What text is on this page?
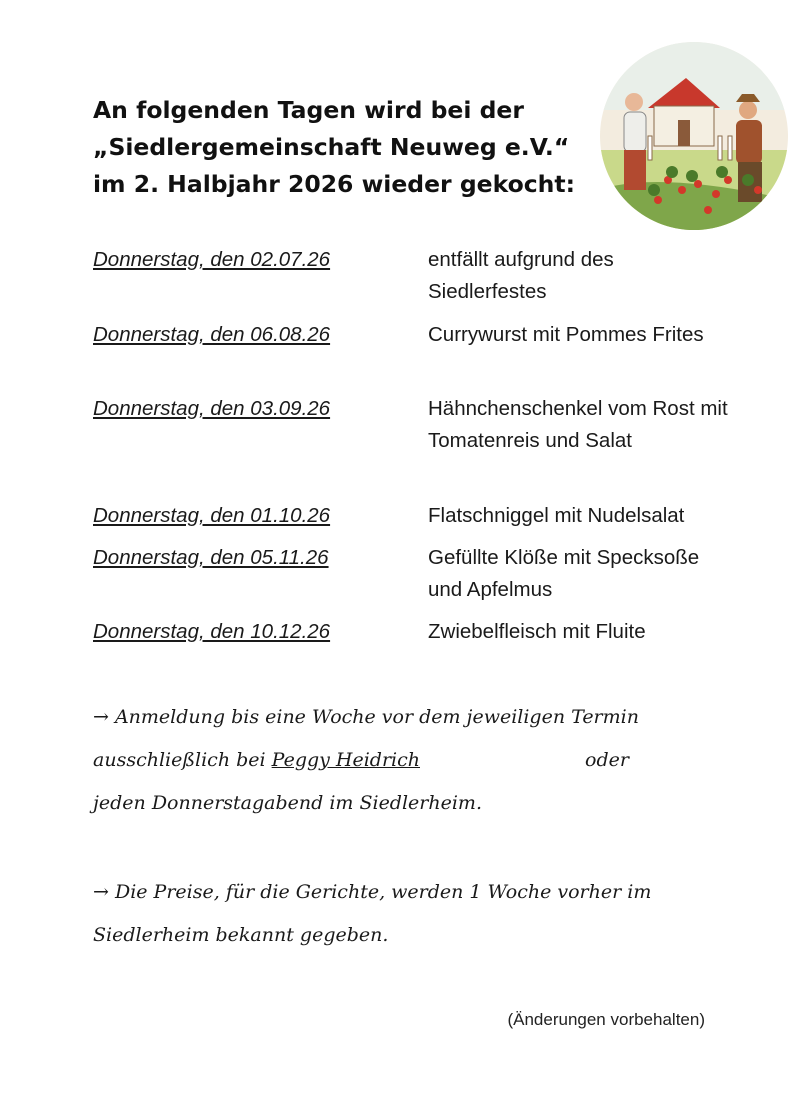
An folgenden Tagen wird bei der
„Siedlergemeinschaft Neuweg e.V.“
im 2. Halbjahr 2026 wieder gekocht:
Donnerstag, den 02.07.26	entfällt aufgrund des Siedlerfestes
Donnerstag, den 06.08.26	Currywurst mit Pommes Frites
Donnerstag, den 03.09.26	Hähnchenschenkel vom Rost mit Tomatenreis und Salat
Donnerstag, den 01.10.26	Flatschniggel mit Nudelsalat
Donnerstag, den 05.11.26	Gefüllte Klöße mit Specksoße und Apfelmus
Donnerstag, den 10.12.26	Zwiebelfleisch mit Fluite
→ Anmeldung bis eine Woche vor dem jeweiligen Termin
ausschließlich bei Peggy Heidrich	oder
jeden Donnerstagabend im Siedlerheim.
→ Die Preise, für die Gerichte, werden 1 Woche vorher im
Siedlerheim bekannt gegeben.
(Änderungen vorbehalten)
